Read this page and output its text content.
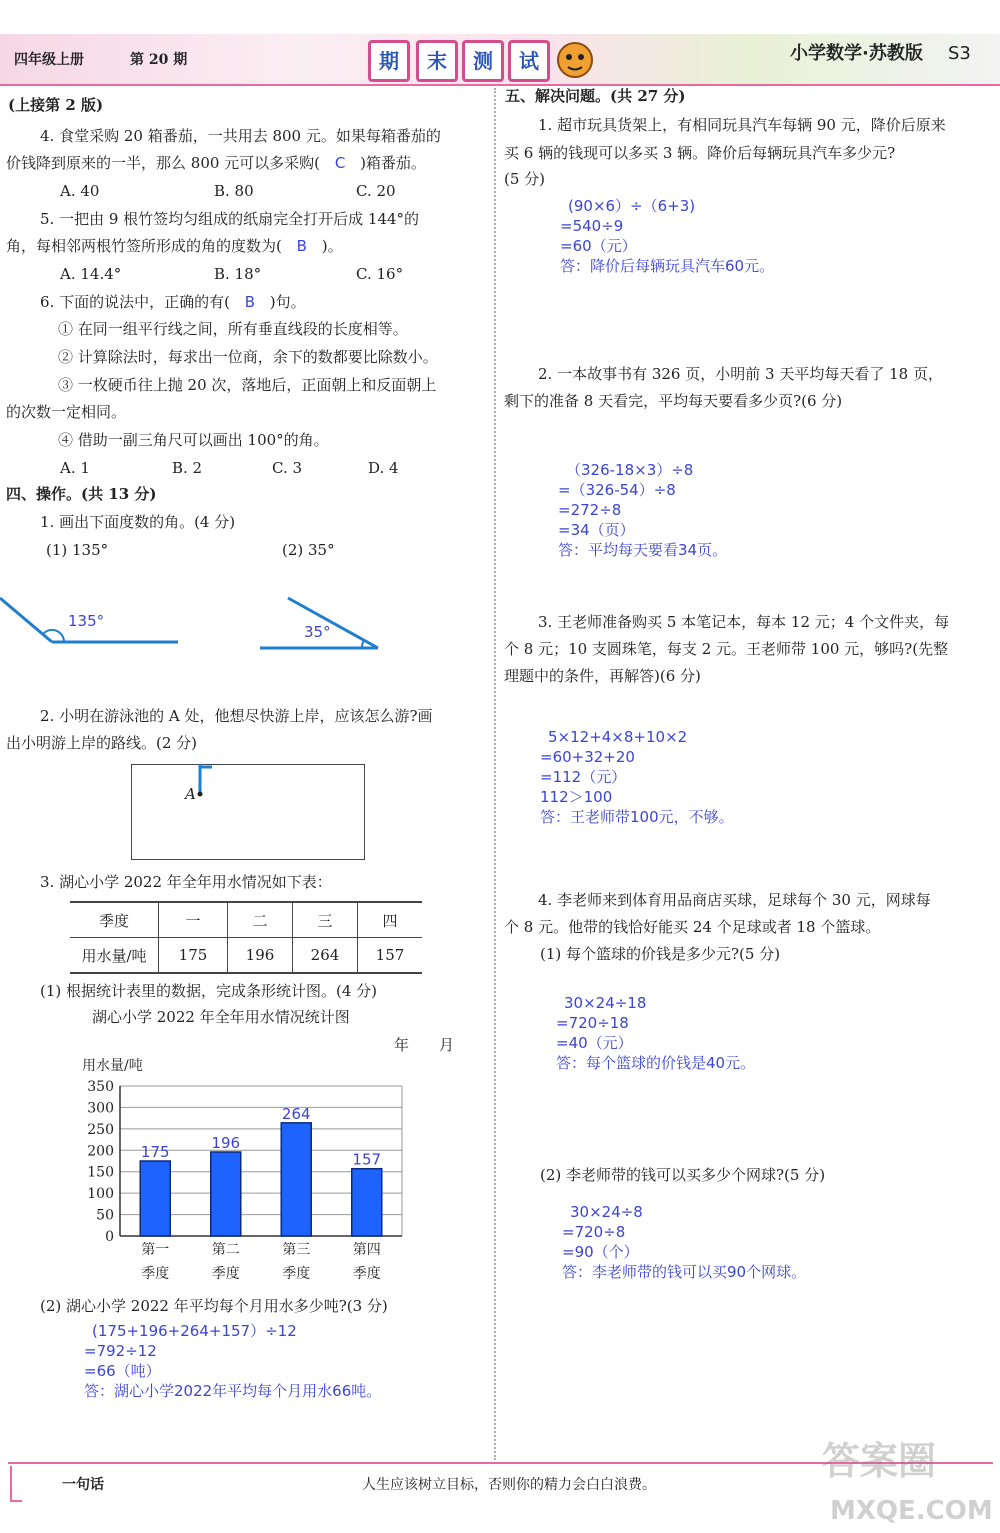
四年级上册	第 20 期	期	末	测	试	小学数学·苏教版 S3
(上接第 2 版)
4. 食堂采购 20 箱番茄，一共用去 800 元。如果每箱番茄的
价钱降到原来的一半，那么 800 元可以多采购( C )箱番茄。
A. 40	B. 80	C. 20
5. 一把由 9 根竹签均匀组成的纸扇完全打开后成 144°的
角，每相邻两根竹签所形成的角的度数为( B )。
A. 14.4°	B. 18°	C. 16°
6. 下面的说法中，正确的有( B )句。
① 在同一组平行线之间，所有垂直线段的长度相等。
② 计算除法时，每求出一位商，余下的数都要比除数小。
③ 一枚硬币往上抛 20 次，落地后，正面朝上和反面朝上
的次数一定相同。
④ 借助一副三角尺可以画出 100°的角。
A. 1	B. 2	C. 3	D. 4
四、操作。(共 13 分)
1. 画出下面度数的角。(4 分)
(1) 135°	(2) 35°
135°
35°
2. 小明在游泳池的 A 处，他想尽快游上岸，应该怎么游?画
出小明游上岸的路线。(2 分)
A
3. 湖心小学 2022 年全年用水情况如下表：
季度	一	二	三	四
用水量/吨	175	196	264	157
(1) 根据统计表里的数据，完成条形统计图。(4 分)
湖心小学 2022 年全年用水情况统计图
年　　月
用水量/吨
0
50
100
150
200
250
300
350
175
第一
季度
196
第二
季度
264
第三
季度
157
第四
季度
(2) 湖心小学 2022 年平均每个月用水多少吨?(3 分)
(175+196+264+157）÷12
=792÷12
=66（吨）
答：湖心小学2022年平均每个月用水66吨。
五、解决问题。(共 27 分)
1. 超市玩具货架上，有相同玩具汽车每辆 90 元，降价后原来
买 6 辆的钱现可以多买 3 辆。降价后每辆玩具汽车多少元?
(5 分)
(90×6）÷（6+3)
=540÷9
=60（元）
答：降价后每辆玩具汽车60元。
2. 一本故事书有 326 页，小明前 3 天平均每天看了 18 页，
剩下的准备 8 天看完，平均每天要看多少页?(6 分)
（326-18×3）÷8
=（326-54）÷8
=272÷8
=34（页）
答：平均每天要看34页。
3. 王老师准备购买 5 本笔记本，每本 12 元；4 个文件夹，每
个 8 元；10 支圆珠笔，每支 2 元。王老师带 100 元，够吗?(先整
理题中的条件，再解答)(6 分)
5×12+4×8+10×2
=60+32+20
=112（元）
112＞100
答：王老师带100元，不够。
4. 李老师来到体育用品商店买球，足球每个 30 元，网球每
个 8 元。他带的钱恰好能买 24 个足球或者 18 个篮球。
(1) 每个篮球的价钱是多少元?(5 分)
30×24÷18
=720÷18
=40（元）
答：每个篮球的价钱是40元。
(2) 李老师带的钱可以买多少个网球?(5 分)
30×24÷8
=720÷8
=90（个）
答：李老师带的钱可以买90个网球。
一句话	人生应该树立目标，否则你的精力会白白浪费。
答案圈
MXQE.COM
